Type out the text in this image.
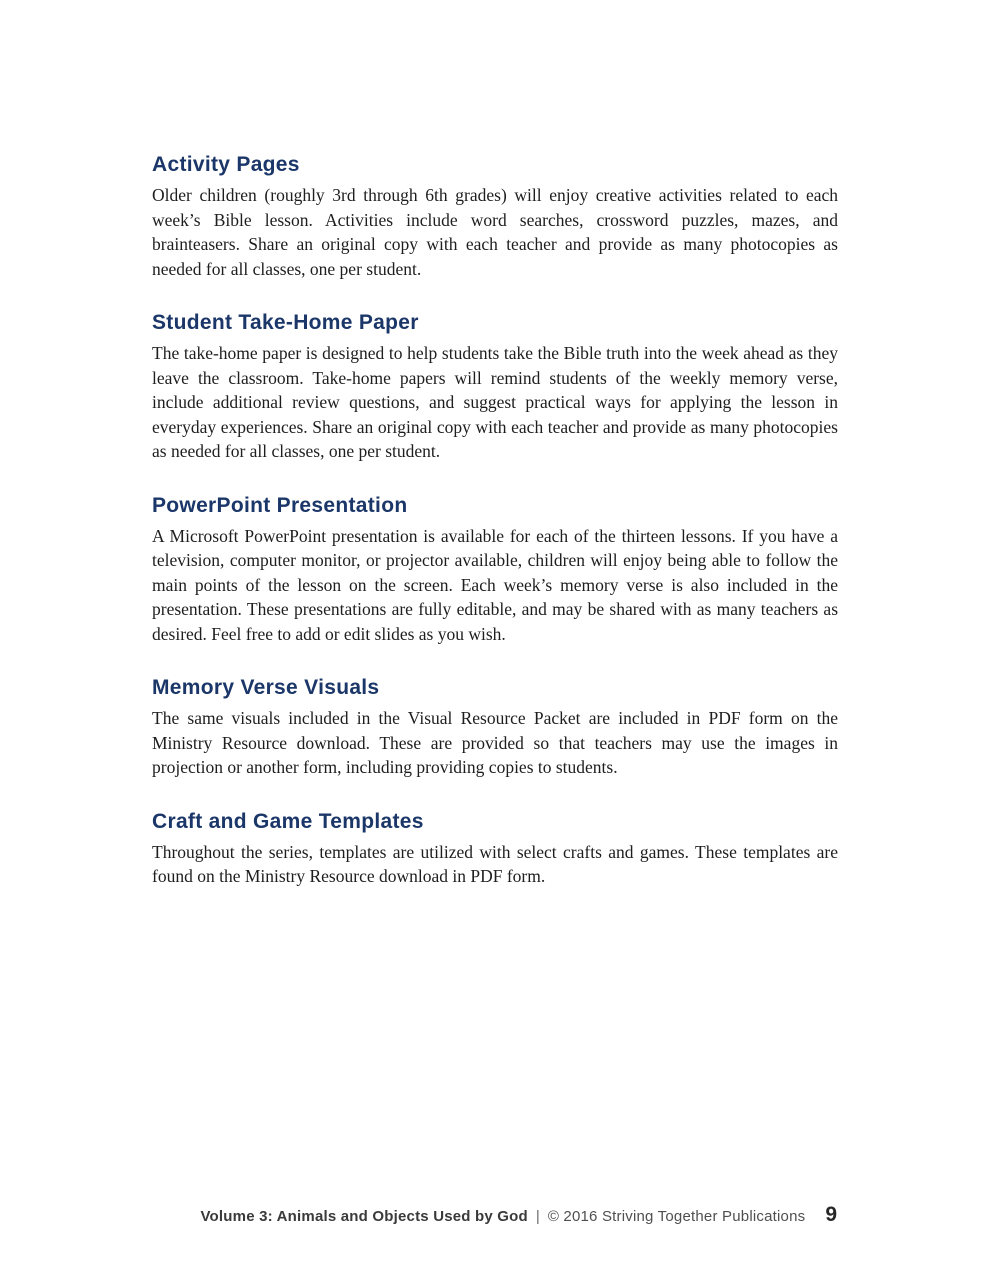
Activity Pages

Older children (roughly 3rd through 6th grades) will enjoy creative activities related to each week’s Bible lesson. Activities include word searches, crossword puzzles, mazes, and brainteasers. Share an original copy with each teacher and provide as many photocopies as needed for all classes, one per student.

Student Take-Home Paper

The take-home paper is designed to help students take the Bible truth into the week ahead as they leave the classroom. Take-home papers will remind students of the weekly memory verse, include additional review questions, and suggest practical ways for applying the lesson in everyday experiences. Share an original copy with each teacher and provide as many photocopies as needed for all classes, one per student.

PowerPoint Presentation

A Microsoft PowerPoint presentation is available for each of the thirteen lessons. If you have a television, computer monitor, or projector available, children will enjoy being able to follow the main points of the lesson on the screen. Each week’s memory verse is also included in the presentation. These presentations are fully editable, and may be shared with as many teachers as desired. Feel free to add or edit slides as you wish.

Memory Verse Visuals

The same visuals included in the Visual Resource Packet are included in PDF form on the Ministry Resource download. These are provided so that teachers may use the images in projection or another form, including providing copies to students.

Craft and Game Templates

Throughout the series, templates are utilized with select crafts and games. These templates are found on the Ministry Resource download in PDF form.

Volume 3: Animals and Objects Used by God | © 2016 Striving Together Publications 9
